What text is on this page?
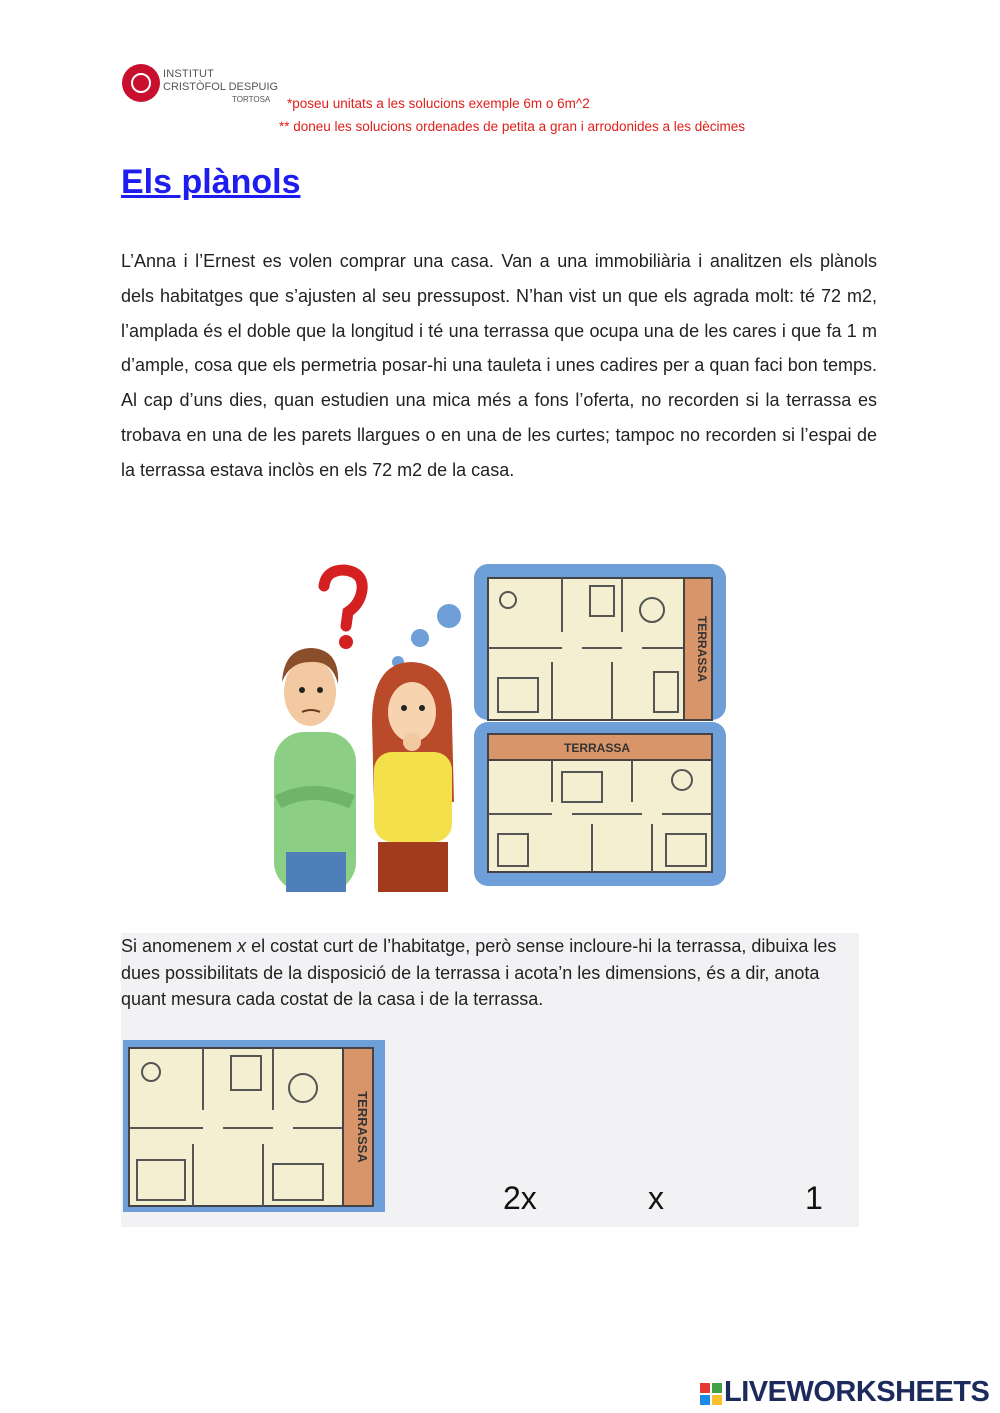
INSTITUT
CRISTÒFOL DESPUIG
TORTOSA *poseu unitats a les solucions exemple 6m o 6m^2
** doneu les solucions ordenades de petita a gran i arrodonides a les dècimes
Els plànols

L’Anna i l’Ernest es volen comprar una casa. Van a una immobiliària i analitzen els plànols dels habitatges que s’ajusten al seu pressupost. N’han vist un que els agrada molt: té 72 m2, l’amplada és el doble que la longitud i té una terrassa que ocupa una de les cares i que fa 1 m d’ample, cosa que els permetria posar-hi una tauleta i unes cadires per a quan faci bon temps. Al cap d’uns dies, quan estudien una mica més a fons l’oferta, no recorden si la terrassa es trobava en una de les parets llargues o en una de les curtes; tampoc no recorden si l’espai de la terrassa estava inclòs en els 72 m2 de la casa.

TERRASSA
TERRASSA

Si anomenem x el costat curt de l’habitatge, però sense incloure-hi la terrassa, dibuixa les dues possibilitats de la disposició de la terrassa i acota’n les dimensions, és a dir, anota quant mesura cada costat de la casa i de la terrassa.

TERRASSA
2x	x	1
LIVEWORKSHEETS
